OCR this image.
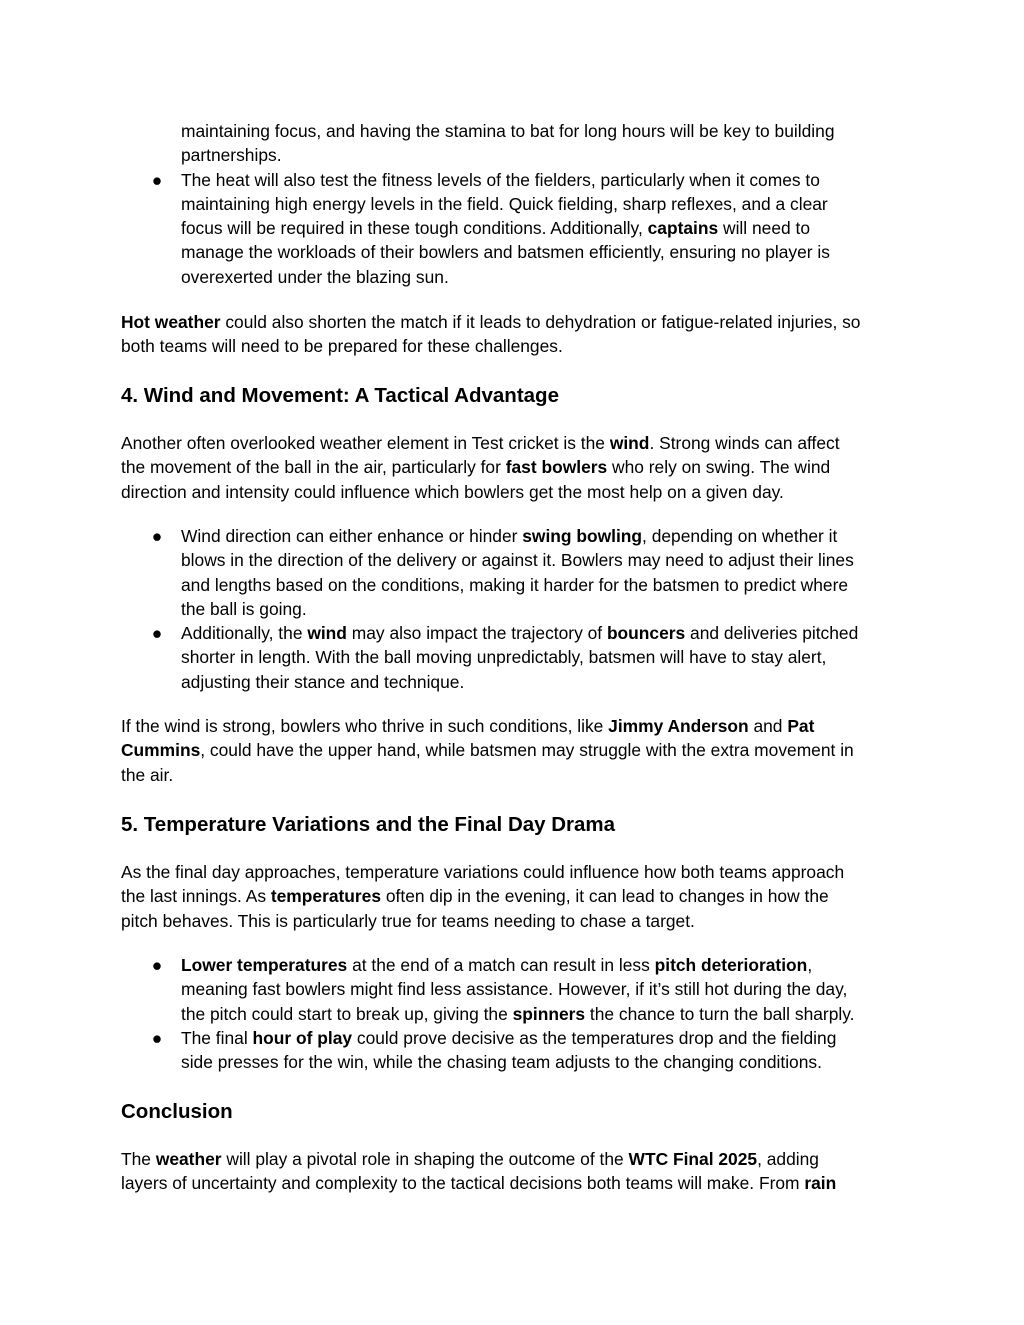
maintaining focus, and having the stamina to bat for long hours will be key to building
partnerships.
● The heat will also test the fitness levels of the fielders, particularly when it comes to
maintaining high energy levels in the field. Quick fielding, sharp reflexes, and a clear
focus will be required in these tough conditions. Additionally, captains will need to
manage the workloads of their bowlers and batsmen efficiently, ensuring no player is
overexerted under the blazing sun.

Hot weather could also shorten the match if it leads to dehydration or fatigue-related injuries, so
both teams will need to be prepared for these challenges.

4. Wind and Movement: A Tactical Advantage

Another often overlooked weather element in Test cricket is the wind. Strong winds can affect
the movement of the ball in the air, particularly for fast bowlers who rely on swing. The wind
direction and intensity could influence which bowlers get the most help on a given day.

● Wind direction can either enhance or hinder swing bowling, depending on whether it
blows in the direction of the delivery or against it. Bowlers may need to adjust their lines
and lengths based on the conditions, making it harder for the batsmen to predict where
the ball is going.
● Additionally, the wind may also impact the trajectory of bouncers and deliveries pitched
shorter in length. With the ball moving unpredictably, batsmen will have to stay alert,
adjusting their stance and technique.

If the wind is strong, bowlers who thrive in such conditions, like Jimmy Anderson and Pat
Cummins, could have the upper hand, while batsmen may struggle with the extra movement in
the air.

5. Temperature Variations and the Final Day Drama

As the final day approaches, temperature variations could influence how both teams approach
the last innings. As temperatures often dip in the evening, it can lead to changes in how the
pitch behaves. This is particularly true for teams needing to chase a target.

● Lower temperatures at the end of a match can result in less pitch deterioration,
meaning fast bowlers might find less assistance. However, if it’s still hot during the day,
the pitch could start to break up, giving the spinners the chance to turn the ball sharply.
● The final hour of play could prove decisive as the temperatures drop and the fielding
side presses for the win, while the chasing team adjusts to the changing conditions.
Conclusion

The weather will play a pivotal role in shaping the outcome of the WTC Final 2025, adding
layers of uncertainty and complexity to the tactical decisions both teams will make. From rain
